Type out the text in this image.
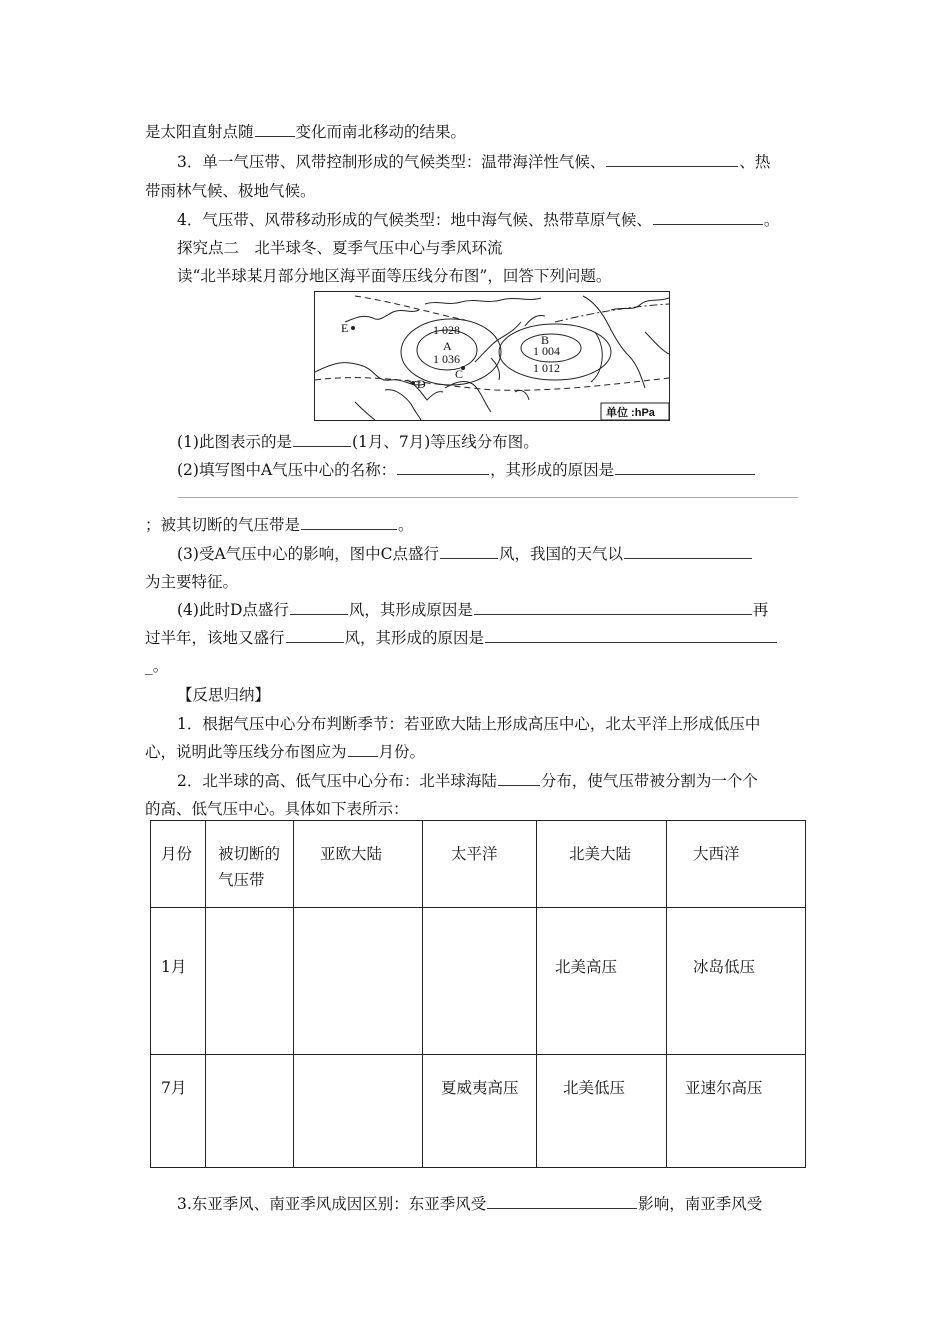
是太阳直射点随	变化而南北移动的结果。
3．单一气压带、风带控制形成的气候类型：温带海洋性气候、	、热
带雨林气候、极地气候。
4．气压带、风带移动形成的气候类型：地中海气候、热带草原气候、	。
探究点二　北半球冬、夏季气压中心与季风环流
读“北半球某月部分地区海平面等压线分布图”，回答下列问题。
E	1 028
A
1 036
C
D
B
1 004
1 012
单位 :hPa
(1)此图表示的是	(1月、7月)等压线分布图。
(2)填写图中A气压中心的名称：	，其形成的原因是
；被其切断的气压带是	。
(3)受A气压中心的影响，图中C点盛行	风，我国的天气以
为主要特征。
(4)此时D点盛行	风，其形成原因是	再
过半年，该地又盛行	风，其形成的原因是
_。
【反思归纳】
1．根据气压中心分布判断季节：若亚欧大陆上形成高压中心，北太平洋上形成低压中
心，说明此等压线分布图应为 月份。
2．北半球的高、低气压中心分布：北半球海陆	分布，使气压带被分割为一个个
的高、低气压中心。具体如下表所示：
月份	被切断的
气压带	亚欧大陆	太平洋	北美大陆	大西洋

1月				北美高压	冰岛低压

7月			夏威夷高压	北美低压	亚速尔高压
3.东亚季风、南亚季风成因区别：东亚季风受	影响，南亚季风受
